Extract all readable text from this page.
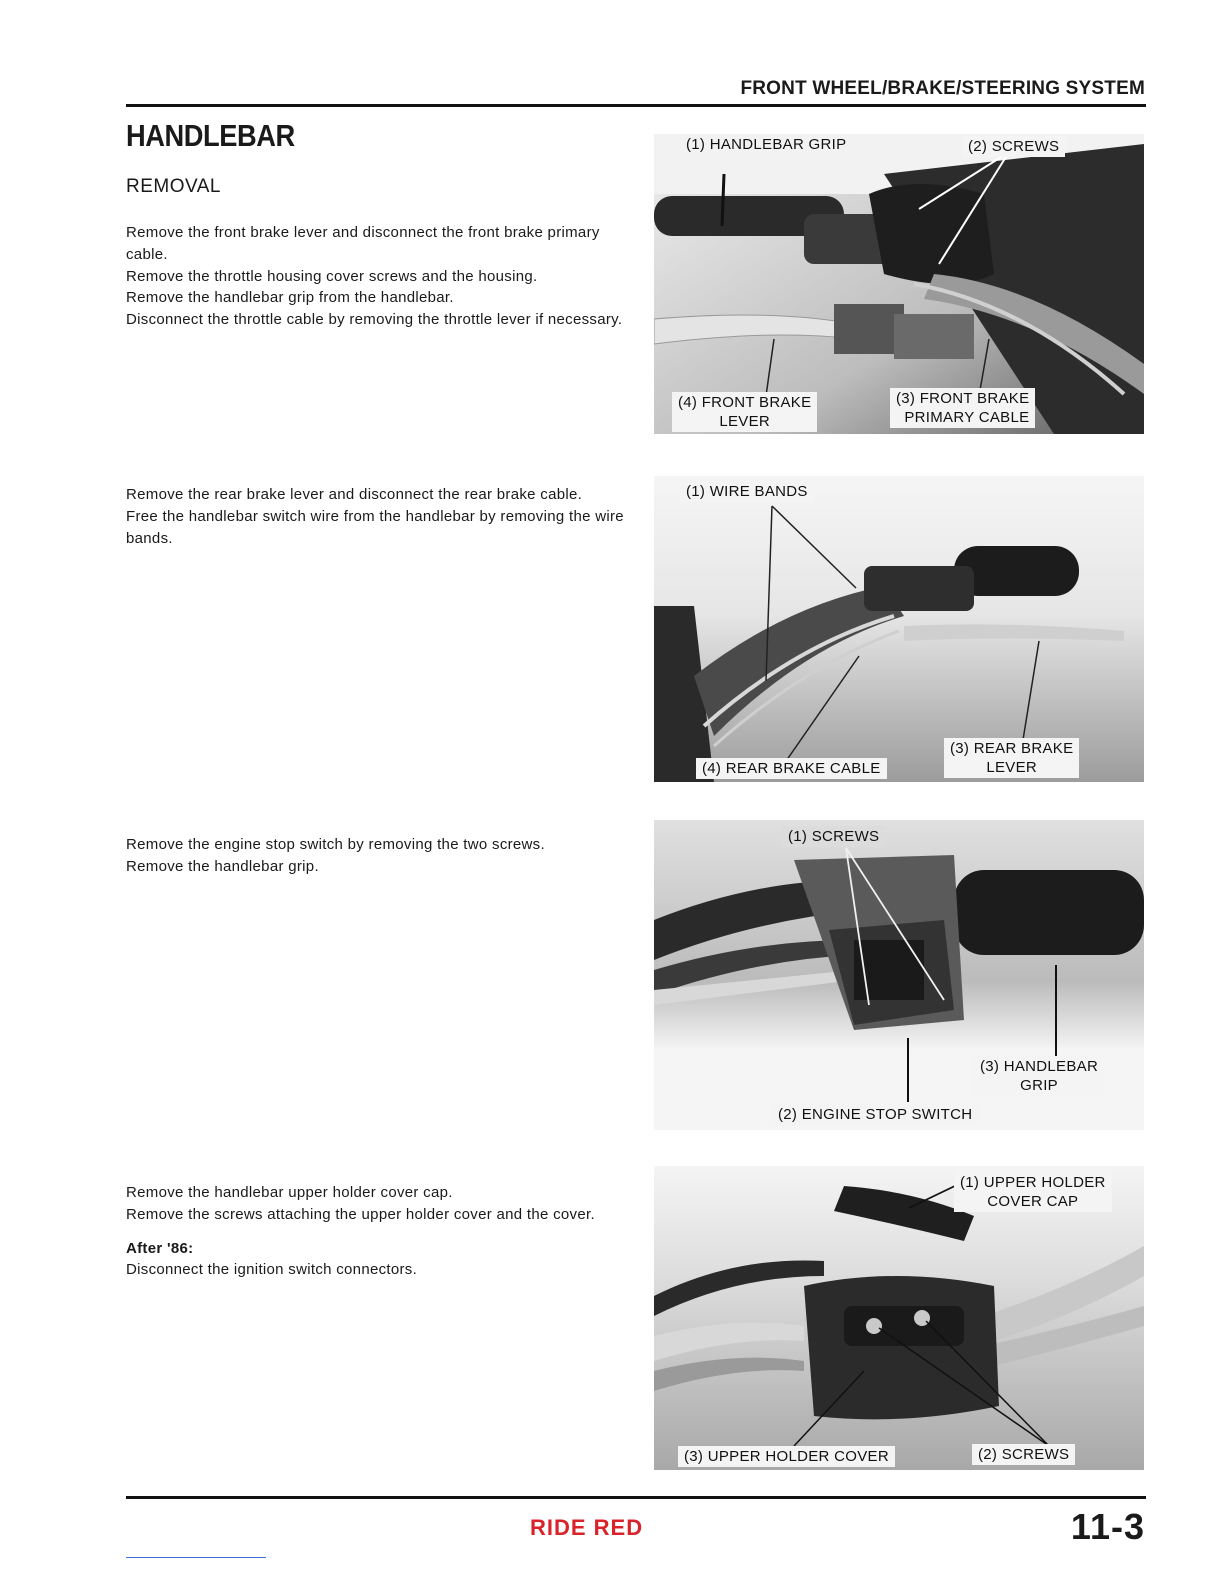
FRONT WHEEL/BRAKE/STEERING SYSTEM
HANDLEBAR
REMOVAL

Remove the front brake lever and disconnect the front brake primary cable.

Remove the throttle housing cover screws and the housing.

Remove the handlebar grip from the handlebar.

Disconnect the throttle cable by removing the throttle lever if necessary.

Remove the rear brake lever and disconnect the rear brake cable.

Free the handlebar switch wire from the handlebar by removing the wire bands.

Remove the engine stop switch by removing the two screws.

Remove the handlebar grip.

Remove the handlebar upper holder cover cap.

Remove the screws attaching the upper holder cover and the cover.

After '86:

Disconnect the ignition switch connectors.

(1) HANDLEBAR GRIP	(2) SCREWS
(4) FRONT BRAKE
LEVER
(3) FRONT BRAKE
PRIMARY CABLE
(1) WIRE BANDS
(3) REAR BRAKE
LEVER
(4) REAR BRAKE CABLE
(1) SCREWS
(3) HANDLEBAR
GRIP
(2) ENGINE STOP SWITCH
(1) UPPER HOLDER
COVER CAP
(3) UPPER HOLDER COVER	(2) SCREWS
RIDE RED	11-3
